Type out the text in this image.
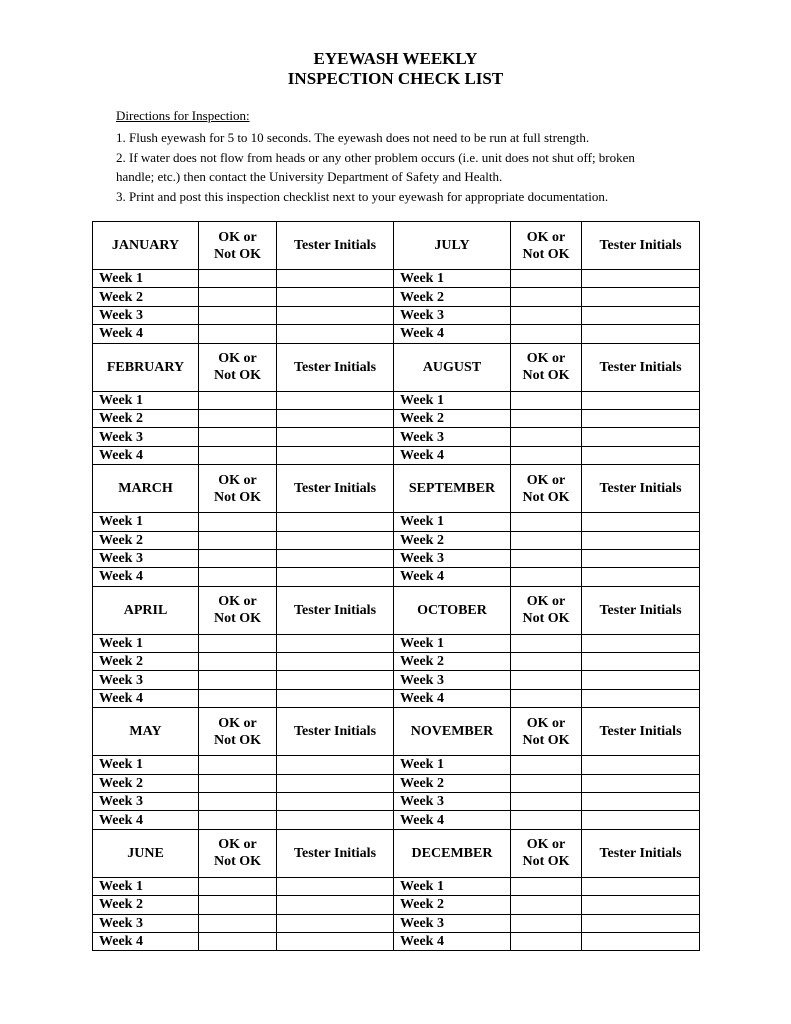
EYEWASH WEEKLY
INSPECTION CHECK LIST
Directions for Inspection:
1. Flush eyewash for 5 to 10 seconds. The eyewash does not need to be run at full strength.
2. If water does not flow from heads or any other problem occurs (i.e. unit does not shut off; broken handle; etc.) then contact the University Department of Safety and Health.
3. Print and post this inspection checklist next to your eyewash for appropriate documentation.
JANUARY	OK or
Not OK	Tester Initials	JULY	OK or
Not OK	Tester Initials
Week 1			Week 1		
Week 2			Week 2		
Week 3			Week 3		
Week 4			Week 4		
FEBRUARY	OK or
Not OK	Tester Initials	AUGUST	OK or
Not OK	Tester Initials
Week 1			Week 1		
Week 2			Week 2		
Week 3			Week 3		
Week 4			Week 4		
MARCH	OK or
Not OK	Tester Initials	SEPTEMBER	OK or
Not OK	Tester Initials
Week 1			Week 1		
Week 2			Week 2		
Week 3			Week 3		
Week 4			Week 4		
APRIL	OK or
Not OK	Tester Initials	OCTOBER	OK or
Not OK	Tester Initials
Week 1			Week 1		
Week 2			Week 2		
Week 3			Week 3		
Week 4			Week 4		
MAY	OK or
Not OK	Tester Initials	NOVEMBER	OK or
Not OK	Tester Initials
Week 1			Week 1		
Week 2			Week 2		
Week 3			Week 3		
Week 4			Week 4		
JUNE	OK or
Not OK	Tester Initials	DECEMBER	OK or
Not OK	Tester Initials
Week 1			Week 1		
Week 2			Week 2		
Week 3			Week 3		
Week 4			Week 4		
